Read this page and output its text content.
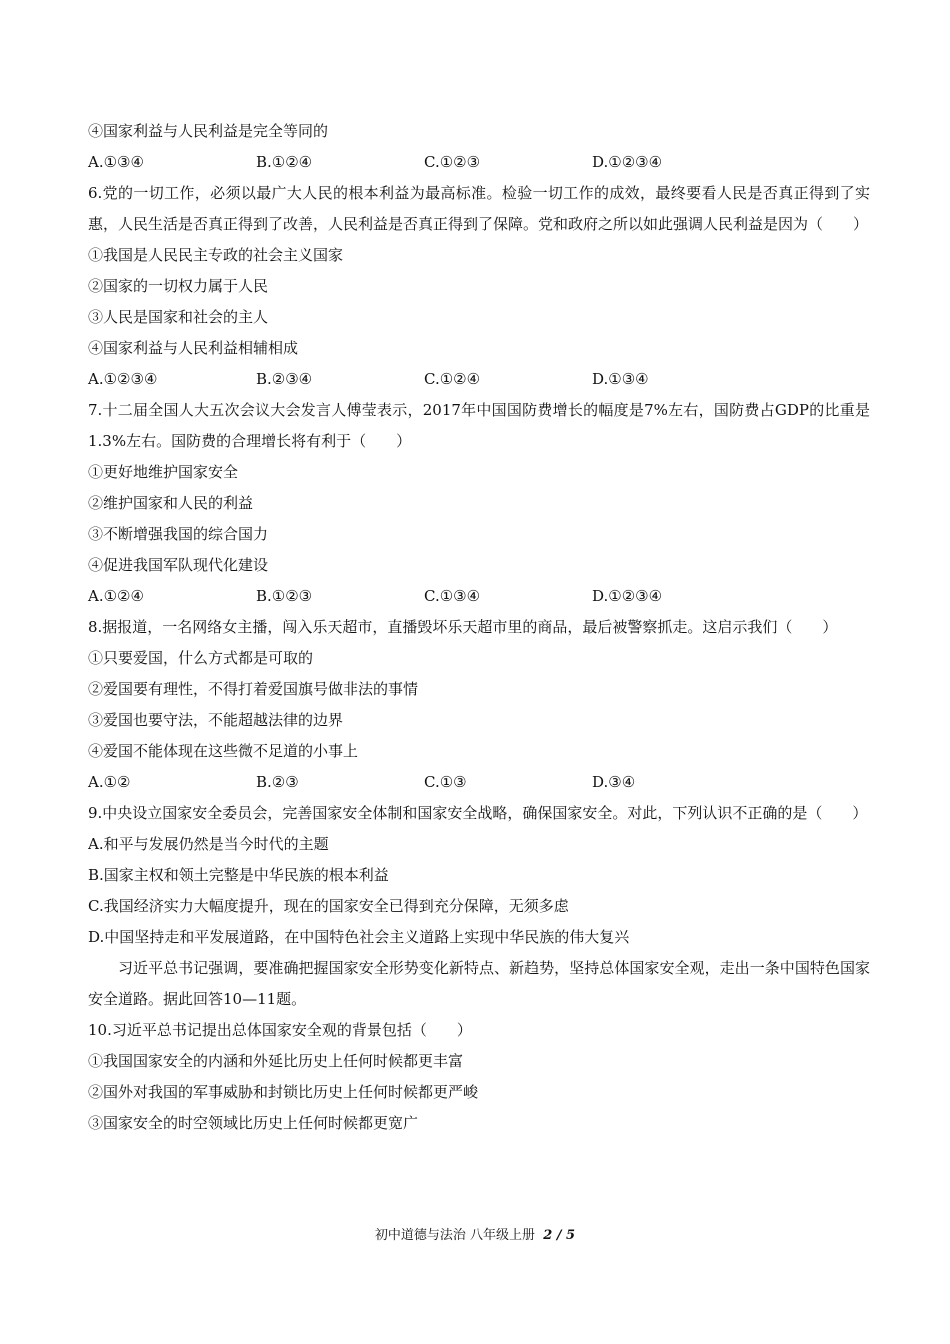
④国家利益与人民利益是完全等同的
A.①③④	B.①②④	C.①②③	D.①②③④
6.党的一切工作，必须以最广大人民的根本利益为最高标准。检验一切工作的成效，最终要看人民是否真正得到了实惠，人民生活是否真正得到了改善，人民利益是否真正得到了保障。党和政府之所以如此强调人民利益是因为（　　）
①我国是人民民主专政的社会主义国家
②国家的一切权力属于人民
③人民是国家和社会的主人
④国家利益与人民利益相辅相成
A.①②③④	B.②③④	C.①②④	D.①③④
7.十二届全国人大五次会议大会发言人傅莹表示，2017年中国国防费增长的幅度是7%左右，国防费占GDP的比重是1.3%左右。国防费的合理增长将有利于（　　）
①更好地维护国家安全
②维护国家和人民的利益
③不断增强我国的综合国力
④促进我国军队现代化建设
A.①②④	B.①②③	C.①③④	D.①②③④
8.据报道，一名网络女主播，闯入乐天超市，直播毁坏乐天超市里的商品，最后被警察抓走。这启示我们（　　）
①只要爱国，什么方式都是可取的
②爱国要有理性，不得打着爱国旗号做非法的事情
③爱国也要守法，不能超越法律的边界
④爱国不能体现在这些微不足道的小事上
A.①②	B.②③	C.①③	D.③④
9.中央设立国家安全委员会，完善国家安全体制和国家安全战略，确保国家安全。对此，下列认识不正确的是（　　）
A.和平与发展仍然是当今时代的主题
B.国家主权和领土完整是中华民族的根本利益
C.我国经济实力大幅度提升，现在的国家安全已得到充分保障，无须多虑
D.中国坚持走和平发展道路，在中国特色社会主义道路上实现中华民族的伟大复兴
习近平总书记强调，要准确把握国家安全形势变化新特点、新趋势，坚持总体国家安全观，走出一条中国特色国家安全道路。据此回答10—11题。
10.习近平总书记提出总体国家安全观的背景包括（　　）
①我国国家安全的内涵和外延比历史上任何时候都更丰富
②国外对我国的军事威胁和封锁比历史上任何时候都更严峻
③国家安全的时空领域比历史上任何时候都更宽广
初中道德与法治 八年级上册 2 / 5
